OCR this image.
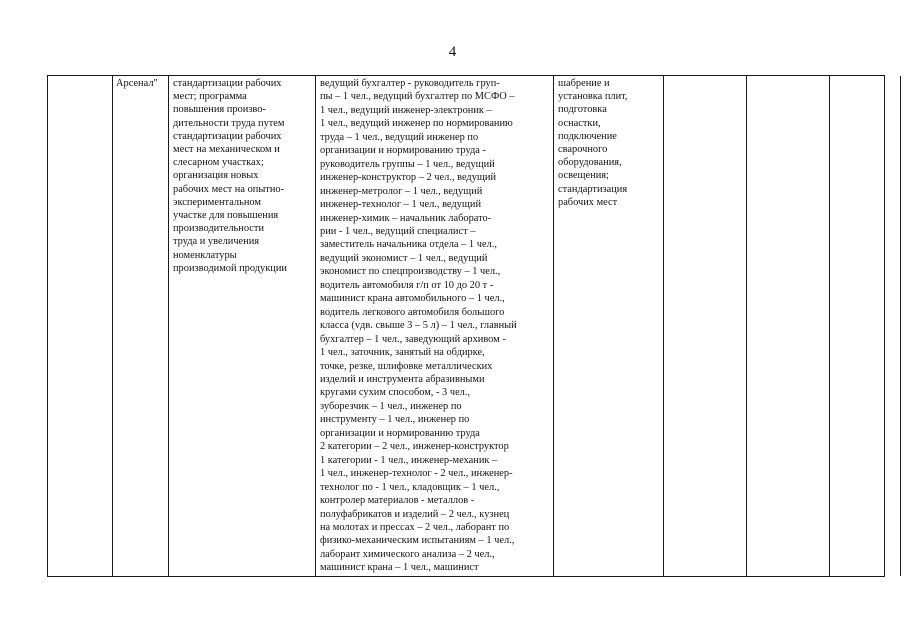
4
Арсенал"	стандартизации рабочих
мест; программа
повышения произво-
дительности труда путем
стандартизации рабочих
мест на механическом и
слесарном участках;
организация новых
рабочих мест на опытно-
экспериментальном
участке для повышения
производительности
труда и увеличения
номенклатуры
производимой продукции
ведущий бухгалтер - руководитель груп-
пы – 1 чел., ведущий бухгалтер по МСФО –
1 чел., ведущий инженер-электроник –
1 чел., ведущий инженер по нормированию
труда – 1 чел., ведущий инженер по
организации и нормированию труда -
руководитель группы – 1 чел., ведущий
инженер-конструктор – 2 чел., ведущий
инженер-метролог – 1 чел., ведущий
инженер-технолог – 1 чел., ведущий
инженер-химик – начальник лаборато-
рии - 1 чел., ведущий специалист –
заместитель начальника отдела – 1 чел.,
ведущий экономист – 1 чел., ведущий
экономист по спецпроизводству – 1 чел.,
водитель автомобиля г/п от 10 до 20 т -
машинист крана автомобильного – 1 чел.,
водитель легкового автомобиля большого
класса (vдв. свыше 3 – 5 л) – 1 чел., главный
бухгалтер – 1 чел., заведующий архивом -
1 чел., заточник, занятый на обдирке,
точке, резке, шлифовке металлических
изделий и инструмента абразивными
кругами сухим способом, - 3 чел.,
зуборезчик – 1 чел., инженер по
инструменту – 1 чел., инженер по
организации и нормированию труда
2 категории – 2 чел., инженер-конструктор
1 категории - 1 чел., инженер-механик –
1 чел., инженер-технолог - 2 чел., инженер-
технолог по - 1 чел., кладовщик – 1 чел.,
контролер материалов - металлов -
полуфабрикатов и изделий – 2 чел., кузнец
на молотах и прессах – 2 чел., лаборант по
физико-механическим испытаниям – 1 чел.,
лаборант химического анализа – 2 чел.,
машинист крана – 1 чел., машинист
шабрение и
установка плит,
подготовка
оснастки,
подключение
сварочного
оборудования,
освещения;
стандартизация
рабочих мест
